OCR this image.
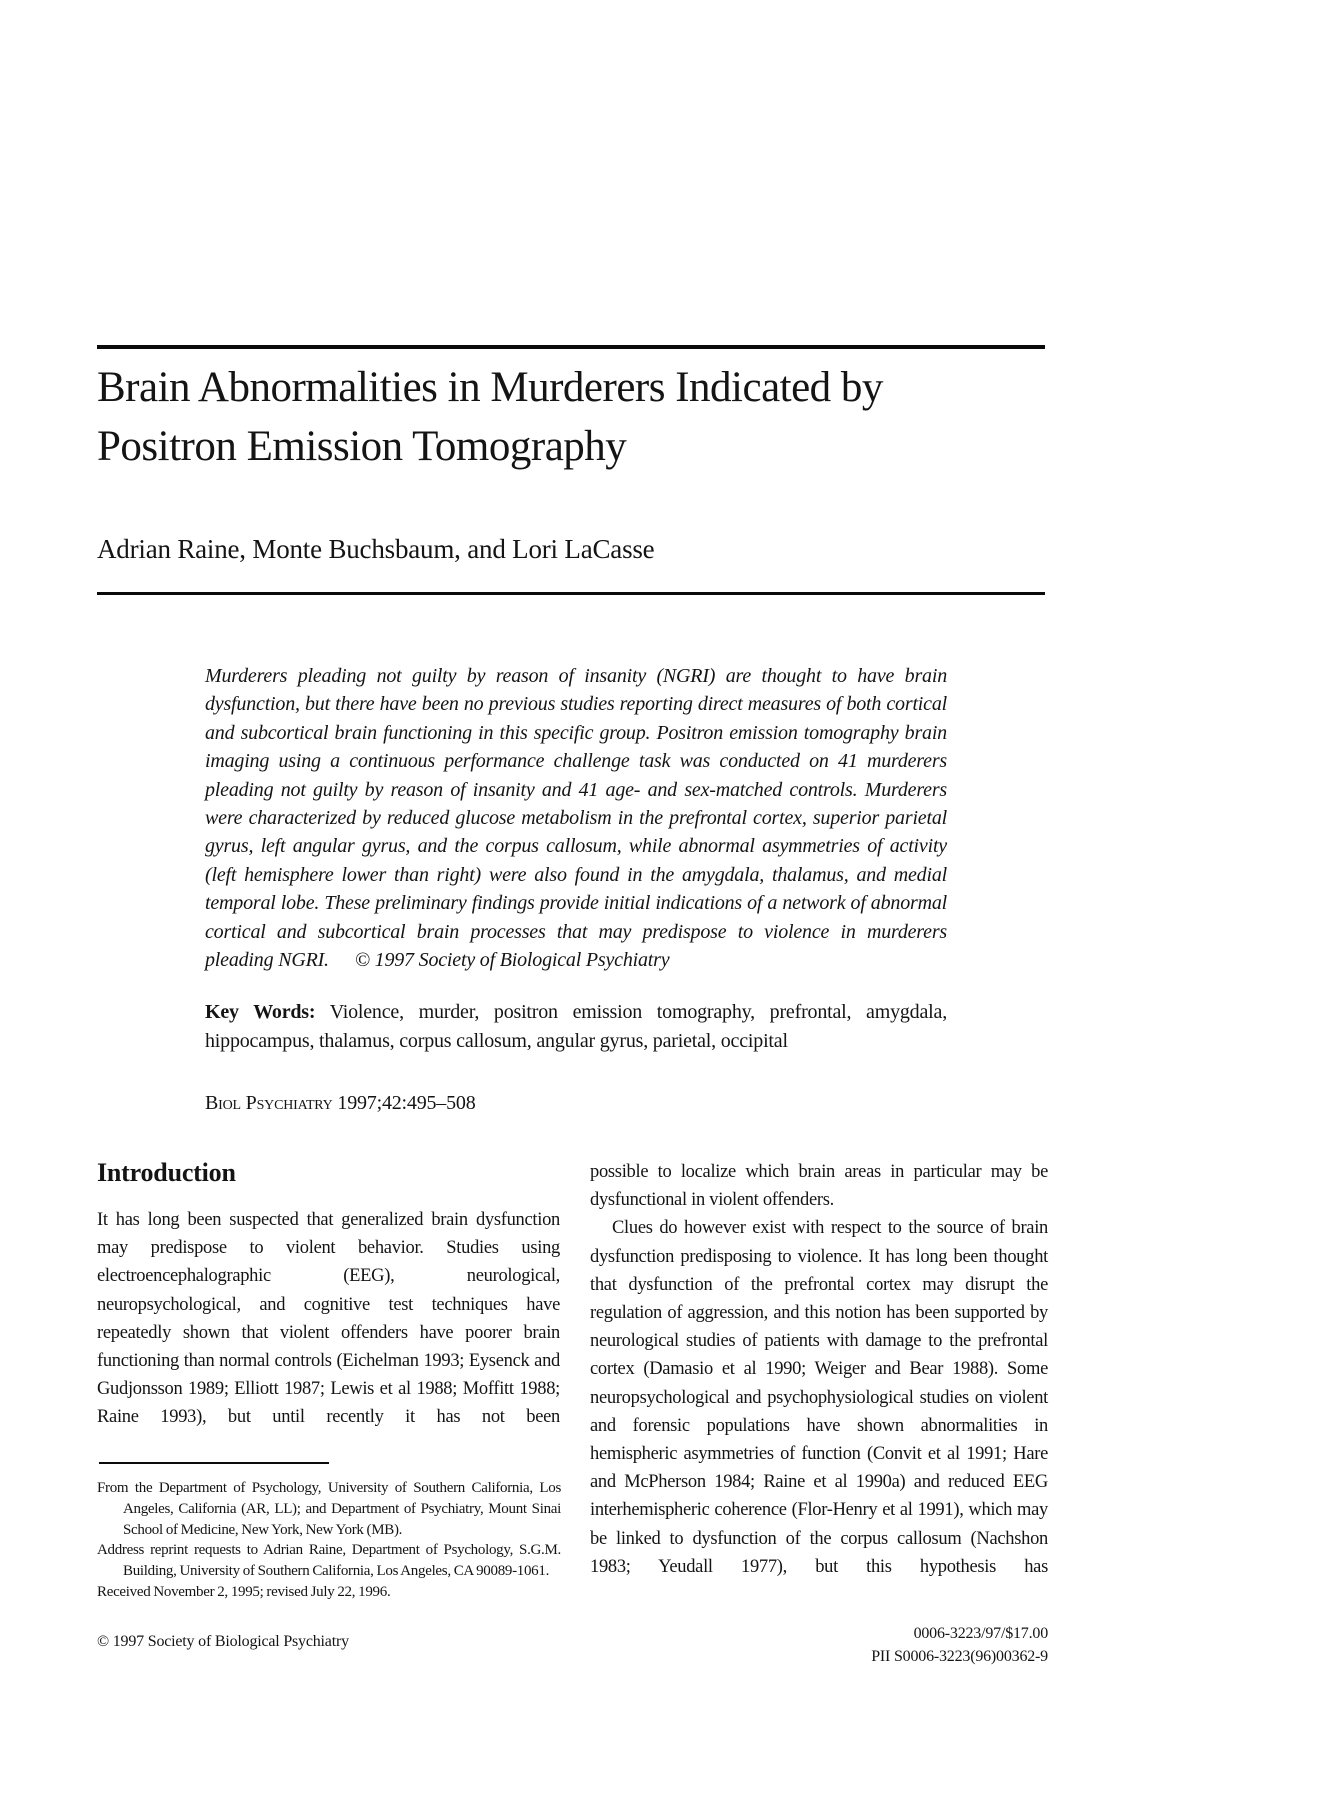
Brain Abnormalities in Murderers Indicated by Positron Emission Tomography
Adrian Raine, Monte Buchsbaum, and Lori LaCasse

Murderers pleading not guilty by reason of insanity (NGRI) are thought to have brain dysfunction, but there have been no previous studies reporting direct measures of both cortical and subcortical brain functioning in this specific group. Positron emission tomography brain imaging using a continuous performance challenge task was conducted on 41 murderers pleading not guilty by reason of insanity and 41 age- and sex-matched controls. Murderers were characterized by reduced glucose metabolism in the prefrontal cortex, superior parietal gyrus, left angular gyrus, and the corpus callosum, while abnormal asymmetries of activity (left hemisphere lower than right) were also found in the amygdala, thalamus, and medial temporal lobe. These preliminary findings provide initial indications of a network of abnormal cortical and subcortical brain processes that may predispose to violence in murderers pleading NGRI. © 1997 Society of Biological Psychiatry

Key Words: Violence, murder, positron emission tomography, prefrontal, amygdala, hippocampus, thalamus, corpus callosum, angular gyrus, parietal, occipital

Biol Psychiatry 1997;42:495–508

Introduction

It has long been suspected that generalized brain dysfunction may predispose to violent behavior. Studies using electroencephalographic (EEG), neurological, neuropsychological, and cognitive test techniques have repeatedly shown that violent offenders have poorer brain functioning than normal controls (Eichelman 1993; Eysenck and Gudjonsson 1989; Elliott 1987; Lewis et al 1988; Moffitt 1988; Raine 1993), but until recently it has not been

possible to localize which brain areas in particular may be dysfunctional in violent offenders.

Clues do however exist with respect to the source of brain dysfunction predisposing to violence. It has long been thought that dysfunction of the prefrontal cortex may disrupt the regulation of aggression, and this notion has been supported by neurological studies of patients with damage to the prefrontal cortex (Damasio et al 1990; Weiger and Bear 1988). Some neuropsychological and psychophysiological studies on violent and forensic populations have shown abnormalities in hemispheric asymmetries of function (Convit et al 1991; Hare and McPherson 1984; Raine et al 1990a) and reduced EEG interhemispheric coherence (Flor-Henry et al 1991), which may be linked to dysfunction of the corpus callosum (Nachshon 1983; Yeudall 1977), but this hypothesis has

From the Department of Psychology, University of Southern California, Los Angeles, California (AR, LL); and Department of Psychiatry, Mount Sinai School of Medicine, New York, New York (MB).

Address reprint requests to Adrian Raine, Department of Psychology, S.G.M. Building, University of Southern California, Los Angeles, CA 90089-1061.

Received November 2, 1995; revised July 22, 1996.

© 1997 Society of Biological Psychiatry	0006-3223/97/$17.00
PII S0006-3223(96)00362-9
